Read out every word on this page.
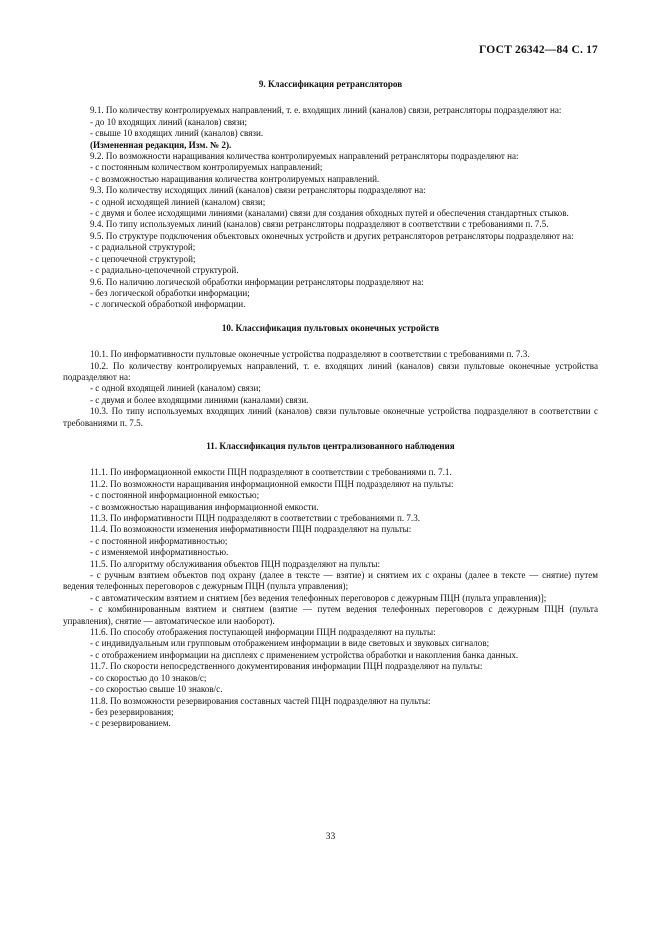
ГОСТ 26342—84 С. 17
9. Классификация ретрансляторов

9.1. По количеству контролируемых направлений, т. е. входящих линий (каналов) связи, ретрансляторы подразделяют на:

- до 10 входящих линий (каналов) связи;

- свыше 10 входящих линий (каналов) связи.

(Измененная редакция, Изм. № 2).

9.2. По возможности наращивания количества контролируемых направлений ретрансляторы подразделяют на:

- с постоянным количеством контролируемых направлений;

- с возможностью наращивания количества контролируемых направлений.

9.3. По количеству исходящих линий (каналов) связи ретрансляторы подразделяют на:

- с одной исходящей линией (каналом) связи;

- с двумя и более исходящими линиями (каналами) связи для создания обходных путей и обеспечения стандартных стыков.

9.4. По типу используемых линий (каналов) связи ретрансляторы подразделяют в соответствии с требованиями п. 7.5.

9.5. По структуре подключения объектовых оконечных устройств и других ретрансляторов ретрансляторы подразделяют на:

- с радиальной структурой;

- с цепочечной структурой;

- с радиально-цепочечной структурой.

9.6. По наличию логической обработки информации ретрансляторы подразделяют на:

- без логической обработки информации;

- с логической обработкой информации.

10. Классификация пультовых оконечных устройств

10.1. По информативности пультовые оконечные устройства подразделяют в соответствии с требованиями п. 7.3.

10.2. По количеству контролируемых направлений, т. е. входящих линий (каналов) связи пультовые оконечные устройства подразделяют на:

- с одной входящей линией (каналом) связи;

- с двумя и более входящими линиями (каналами) связи.

10.3. По типу используемых входящих линий (каналов) связи пультовые оконечные устройства подразделяют в соответствии с требованиями п. 7.5.

11. Классификация пультов централизованного наблюдения

11.1. По информационной емкости ПЦН подразделяют в соответствии с требованиями п. 7.1.

11.2. По возможности наращивания информационной емкости ПЦН подразделяют на пульты:

- с постоянной информационной емкостью;

- с возможностью наращивания информационной емкости.

11.3. По информативности ПЦН подразделяют в соответствии с требованиями п. 7.3.

11.4. По возможности изменения информативности ПЦН подразделяют на пульты:

- с постоянной информативностью;

- с изменяемой информативностью.

11.5. По алгоритму обслуживания объектов ПЦН подразделяют на пульты:

- с ручным взятием объектов под охрану (далее в тексте — взятие) и снятием их с охраны (далее в тексте — снятие) путем ведения телефонных переговоров с дежурным ПЦН (пульта управления);

- с автоматическим взятием и снятием [без ведения телефонных переговоров с дежурным ПЦН (пульта управления)];

- с комбинированным взятием и снятием (взятие — путем ведения телефонных переговоров с дежурным ПЦН (пульта управления), снятие — автоматическое или наоборот).

11.6. По способу отображения поступающей информации ПЦН подразделяют на пульты:

- с индивидуальным или групповым отображением информации в виде световых и звуковых сигналов;

- с отображением информации на дисплеях с применением устройства обработки и накопления банка данных.

11.7. По скорости непосредственного документирования информации ПЦН подразделяют на пульты:

- со скоростью до 10 знаков/с;

- со скоростью свыше 10 знаков/с.

11.8. По возможности резервирования составных частей ПЦН подразделяют на пульты:

- без резервирования;

- с резервированием.

33
